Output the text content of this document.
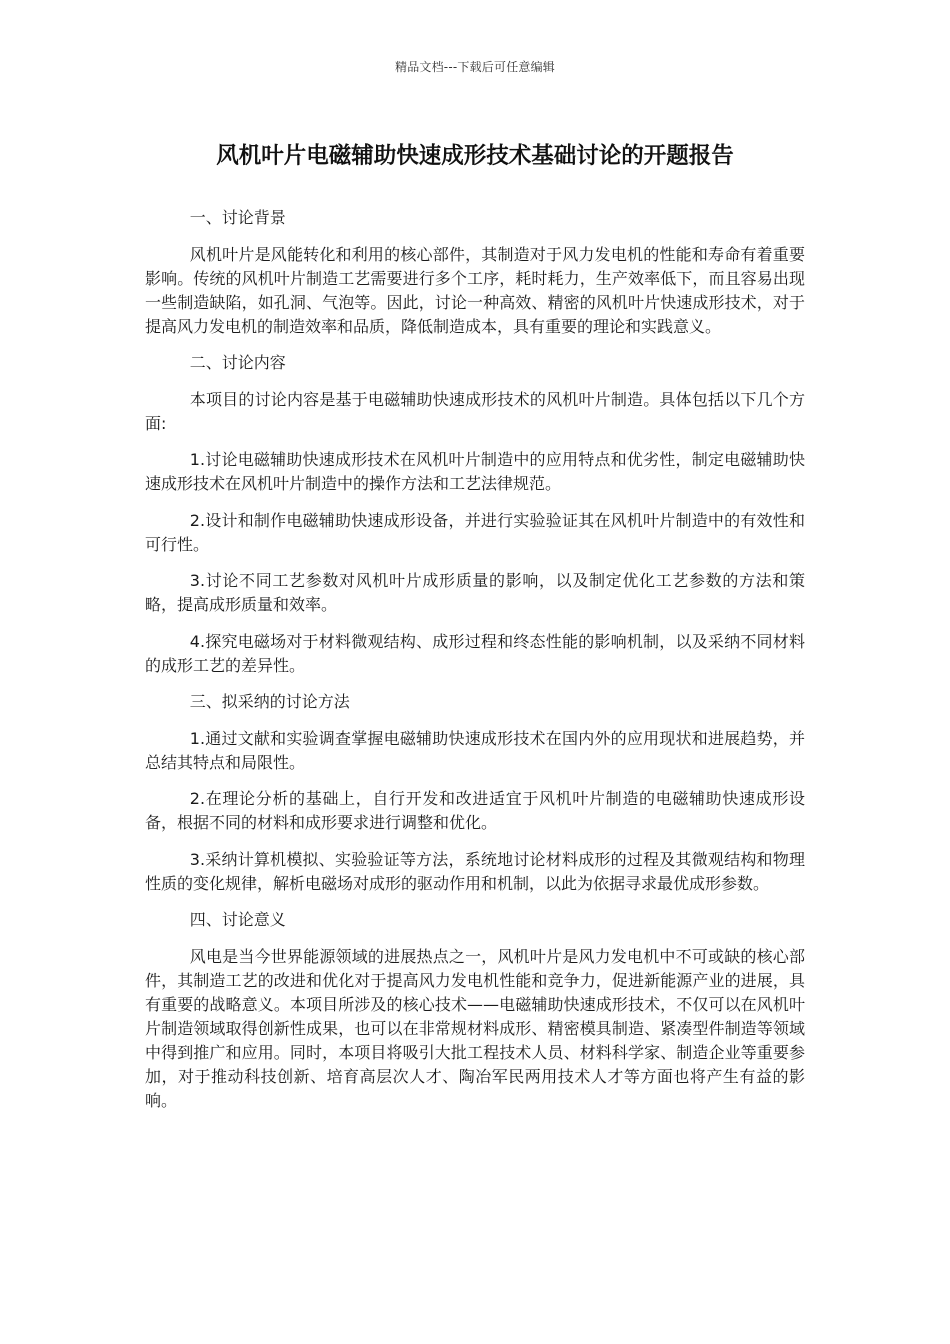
精品文档---下载后可任意编辑
风机叶片电磁辅助快速成形技术基础讨论的开题报告

一、讨论背景

风机叶片是风能转化和利用的核心部件，其制造对于风力发电机的性能和寿命有着重要影响。传统的风机叶片制造工艺需要进行多个工序，耗时耗力，生产效率低下，而且容易出现一些制造缺陷，如孔洞、气泡等。因此，讨论一种高效、精密的风机叶片快速成形技术，对于提高风力发电机的制造效率和品质，降低制造成本，具有重要的理论和实践意义。

二、讨论内容

本项目的讨论内容是基于电磁辅助快速成形技术的风机叶片制造。具体包括以下几个方面:

1.讨论电磁辅助快速成形技术在风机叶片制造中的应用特点和优劣性，制定电磁辅助快速成形技术在风机叶片制造中的操作方法和工艺法律规范。

2.设计和制作电磁辅助快速成形设备，并进行实验验证其在风机叶片制造中的有效性和可行性。

3.讨论不同工艺参数对风机叶片成形质量的影响，以及制定优化工艺参数的方法和策略，提高成形质量和效率。

4.探究电磁场对于材料微观结构、成形过程和终态性能的影响机制，以及采纳不同材料的成形工艺的差异性。

三、拟采纳的讨论方法

1.通过文献和实验调查掌握电磁辅助快速成形技术在国内外的应用现状和进展趋势，并总结其特点和局限性。

2.在理论分析的基础上，自行开发和改进适宜于风机叶片制造的电磁辅助快速成形设备，根据不同的材料和成形要求进行调整和优化。

3.采纳计算机模拟、实验验证等方法，系统地讨论材料成形的过程及其微观结构和物理性质的变化规律，解析电磁场对成形的驱动作用和机制，以此为依据寻求最优成形参数。

四、讨论意义

风电是当今世界能源领域的进展热点之一，风机叶片是风力发电机中不可或缺的核心部件，其制造工艺的改进和优化对于提高风力发电机性能和竞争力，促进新能源产业的进展，具有重要的战略意义。本项目所涉及的核心技术——电磁辅助快速成形技术，不仅可以在风机叶片制造领域取得创新性成果，也可以在非常规材料成形、精密模具制造、紧凑型件制造等领域中得到推广和应用。同时，本项目将吸引大批工程技术人员、材料科学家、制造企业等重要参加，对于推动科技创新、培育高层次人才、陶冶军民两用技术人才等方面也将产生有益的影响。
